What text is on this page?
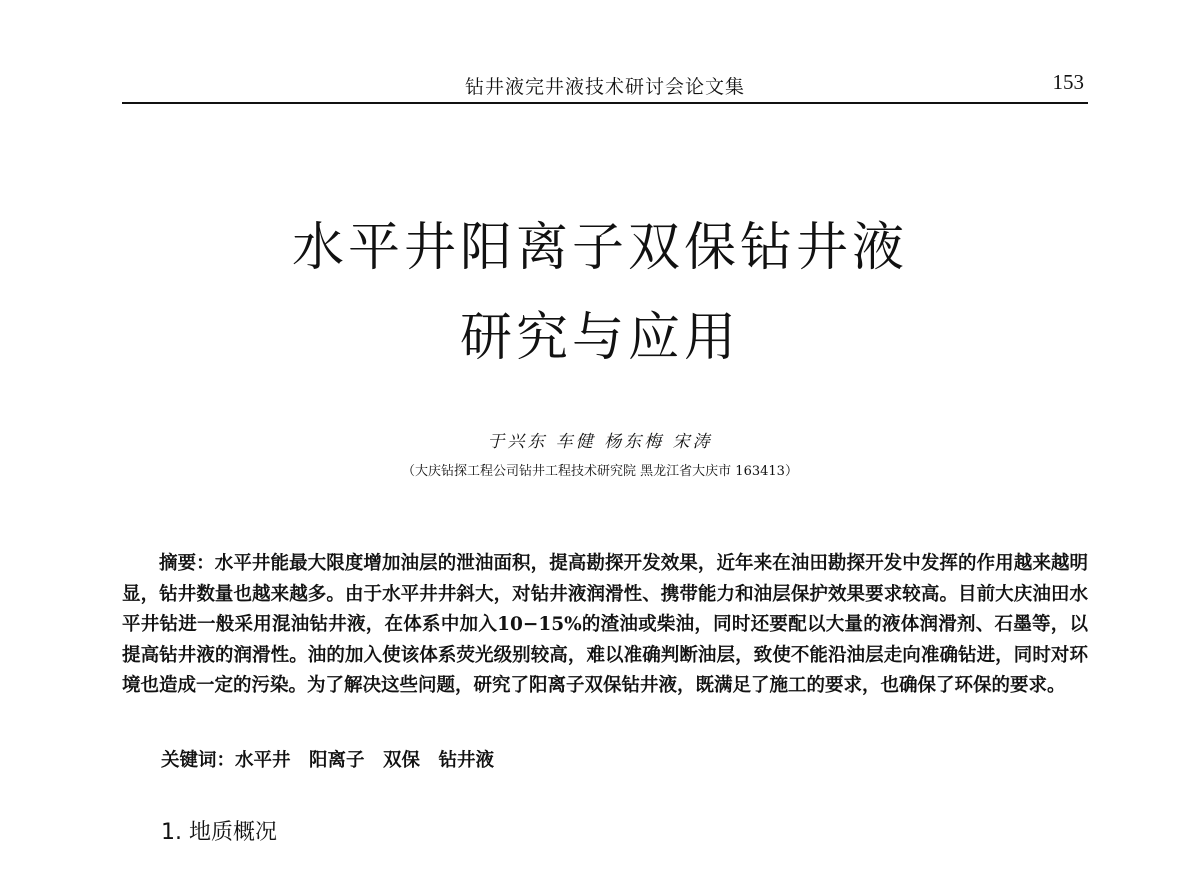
钻井液完井液技术研讨会论文集	153
水平井阳离子双保钻井液
研究与应用
于兴东 车健 杨东梅 宋涛
（大庆钻探工程公司钻井工程技术研究院 黑龙江省大庆市 163413）

摘要：水平井能最大限度增加油层的泄油面积，提高勘探开发效果，近年来在油田勘探开发中发挥的作用越来越明显，钻井数量也越来越多。由于水平井井斜大，对钻井液润滑性、携带能力和油层保护效果要求较高。目前大庆油田水平井钻进一般采用混油钻井液，在体系中加入10−15%的渣油或柴油，同时还要配以大量的液体润滑剂、石墨等，以提高钻井液的润滑性。油的加入使该体系荧光级别较高，难以准确判断油层，致使不能沿油层走向准确钻进，同时对环境也造成一定的污染。为了解决这些问题，研究了阳离子双保钻井液，既满足了施工的要求，也确保了环保的要求。

关键词：水平井　阳离子　双保　钻井液
1. 地质概况
